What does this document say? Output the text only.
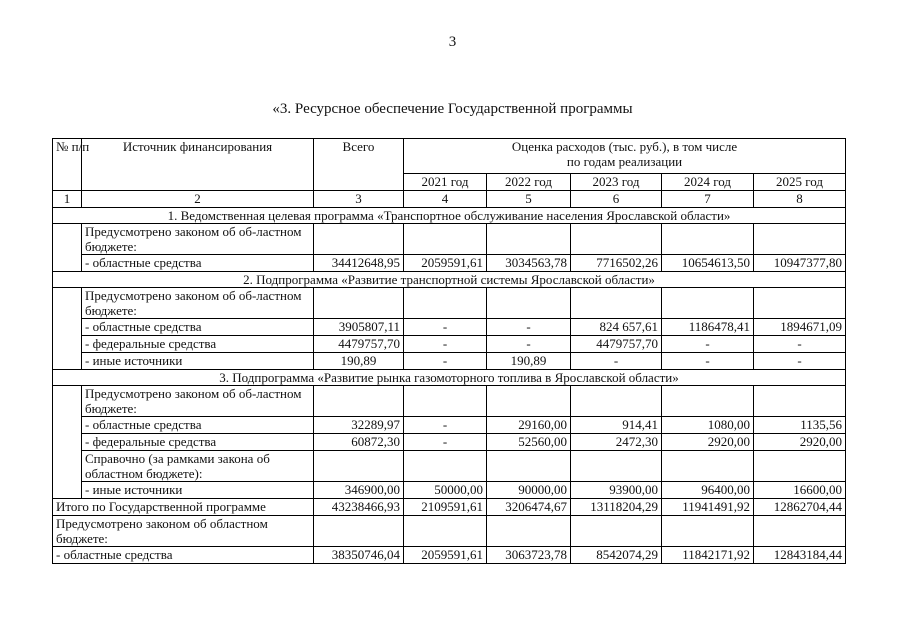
3
«3. Ресурсное обеспечение Государственной программы
№ п/п	Источник финансирования	Всего	Оценка расходов (тыс. руб.), в том числе
по годам реализации				

			2021 год	2022 год	2023 год	2024 год	2025 год
1	2	3	4	5	6	7	8
1. Ведомственная целевая программа «Транспортное обслуживание населения Ярославской области»							
	Предусмотрено законом об об-ластном бюджете:						
	- областные средства	34412648,95	2059591,61	3034563,78	7716502,26	10654613,50	10947377,80
2. Подпрограмма «Развитие транспортной системы Ярославской области»							
	Предусмотрено законом об об-ластном бюджете:						
	- областные средства	3905807,11	-	-	824 657,61	1186478,41	1894671,09
	- федеральные средства	4479757,70	-	-	4479757,70	-	-
	- иные источники	190,89	-	190,89	-	-	-
3. Подпрограмма «Развитие рынка газомоторного топлива в Ярославской области»							
	Предусмотрено законом об об-ластном бюджете:						
	- областные средства	32289,97	-	29160,00	914,41	1080,00	1135,56
	- федеральные средства	60872,30	-	52560,00	2472,30	2920,00	2920,00
	Справочно (за рамками закона об областном бюджете):						
	- иные источники	346900,00	50000,00	90000,00	93900,00	96400,00	16600,00
Итого по Государственной программе		43238466,93	2109591,61	3206474,67	13118204,29	11941491,92	12862704,44
Предусмотрено законом об областном бюджете:							
- областные средства		38350746,04	2059591,61	3063723,78	8542074,29	11842171,92	12843184,44
